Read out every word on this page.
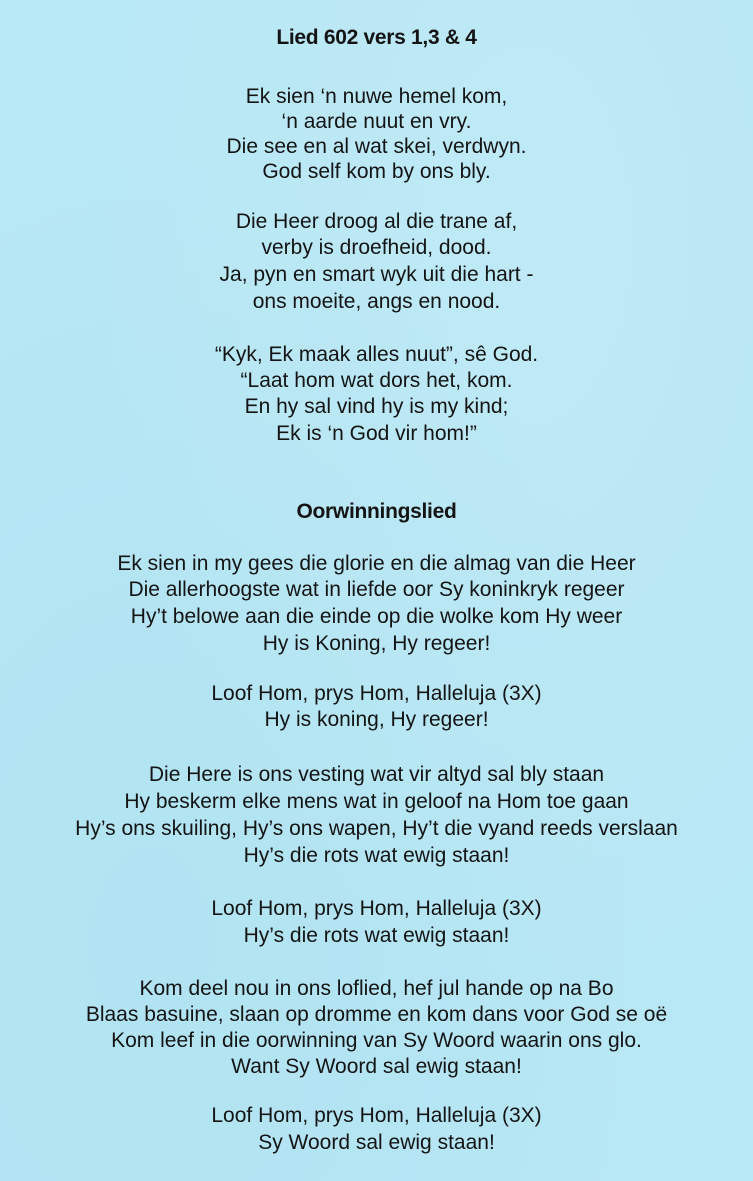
Lied 602 vers 1,3 & 4
Ek sien ‘n nuwe hemel kom,
‘n aarde nuut en vry.
Die see en al wat skei, verdwyn.
God self kom by ons bly.
Die Heer droog al die trane af,
verby is droefheid, dood.
Ja, pyn en smart wyk uit die hart -
ons moeite, angs en nood.
“Kyk, Ek maak alles nuut”, sê God.
“Laat hom wat dors het, kom.
En hy sal vind hy is my kind;
Ek is ‘n God vir hom!”
Oorwinningslied
Ek sien in my gees die glorie en die almag van die Heer
Die allerhoogste wat in liefde oor Sy koninkryk regeer
Hy’t belowe aan die einde op die wolke kom Hy weer
Hy is Koning, Hy regeer!
Loof Hom, prys Hom, Halleluja (3X)
Hy is koning, Hy regeer!
Die Here is ons vesting wat vir altyd sal bly staan
Hy beskerm elke mens wat in geloof na Hom toe gaan
Hy’s ons skuiling, Hy’s ons wapen, Hy’t die vyand reeds verslaan
Hy’s die rots wat ewig staan!
Loof Hom, prys Hom, Halleluja (3X)
Hy’s die rots wat ewig staan!
Kom deel nou in ons loflied, hef jul hande op na Bo
Blaas basuine, slaan op dromme en kom dans voor God se oë
Kom leef in die oorwinning van Sy Woord waarin ons glo.
Want Sy Woord sal ewig staan!
Loof Hom, prys Hom, Halleluja (3X)
Sy Woord sal ewig staan!
